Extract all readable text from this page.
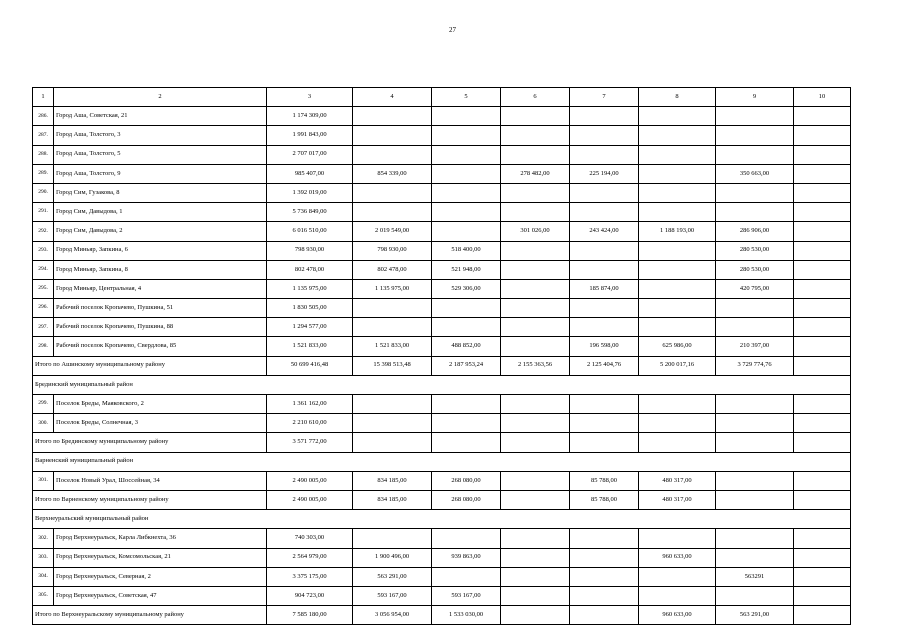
27
1	2	3	4	5	6	7	8	9	10
286.	Город Аша, Советская, 21	1 174 309,00							
287.	Город Аша, Толстого, 3	1 991 843,00							
288.	Город Аша, Толстого, 5	2 707 017,00							
289.	Город Аша, Толстого, 9	985 407,00	854 339,00		278 482,00	225 194,00		350 663,00	
290.	Город Сим, Гузакова, 8	1 392 019,00							
291.	Город Сим, Давыдова, 1	5 736 849,00							
292.	Город Сим, Давыдова, 2	6 016 510,00	2 019 549,00		301 026,00	243 424,00	1 188 193,00	286 906,00	
293.	Город Миньяр, Запкина, 6	798 930,00	798 930,00	518 400,00				280 530,00	
294.	Город Миньяр, Запкина, 8	802 478,00	802 478,00	521 948,00				280 530,00	
295.	Город Миньяр, Центральная, 4	1 135 975,00	1 135 975,00	529 306,00		185 874,00		420 795,00	
296.	Рабочий поселок Кропачево, Пушкина, 51	1 830 505,00							
297.	Рабочий поселок Кропачево, Пушкина, 88	1 294 577,00							
298.	Рабочий поселок Кропачево, Свердлова, 85	1 521 833,00	1 521 833,00	488 852,00		196 598,00	625 986,00	210 397,00	
Итого по Ашинскому муниципальному району		50 699 416,48	15 398 513,48	2 187 953,24	2 155 363,56	2 125 404,76	5 200 017,16	3 729 774,76	
Брединский муниципальный район									
299.	Поселок Бреды, Маяковского, 2	1 361 162,00							
300.	Поселок Бреды, Солнечная, 3	2 210 610,00							
Итого по Брединскому муниципальному району		3 571 772,00							
Варненский муниципальный район									
301.	Поселок Новый Урал, Шоссейная, 34	2 490 005,00	834 185,00	268 080,00		85 788,00	480 317,00		
Итого по Варненскому муниципальному району		2 490 005,00	834 185,00	268 080,00		85 788,00	480 317,00		
Верхнеуральский муниципальный район									
302.	Город Верхнеуральск, Карла Либкнехта, 36	740 303,00							
303.	Город Верхнеуральск, Комсомольская, 21	2 564 979,00	1 900 496,00	939 863,00			960 633,00		
304.	Город Верхнеуральск, Северная, 2	3 375 175,00	563 291,00					563291	
305.	Город Верхнеуральск, Советская, 47	904 723,00	593 167,00	593 167,00					
Итого по Верхнеуральскому муниципальному району		7 585 180,00	3 056 954,00	1 533 030,00			960 633,00	563 291,00	
